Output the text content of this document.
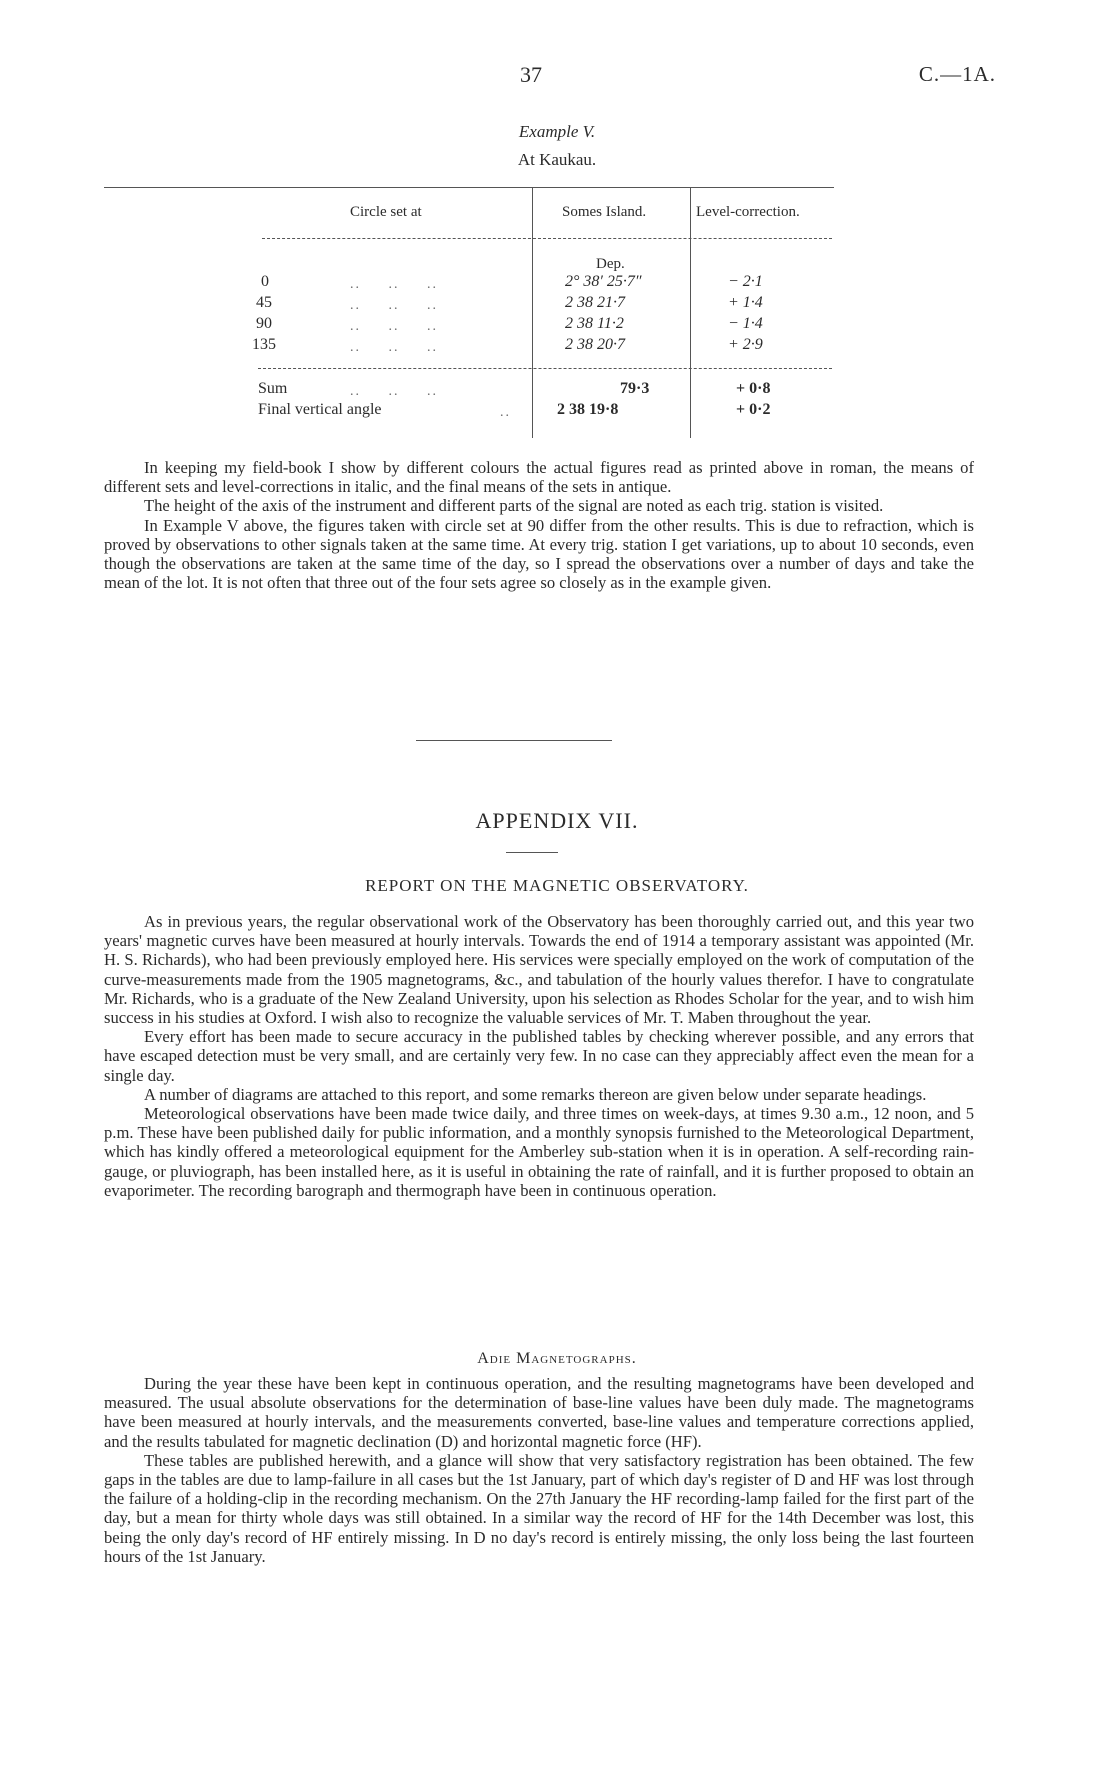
37	C.—1A.
Example V.
At Kaukau.
Circle set at	Somes Island.	Level-correction.
Dep.
0	..     ..     ..	2° 38′ 25·7″	− 2·1
45	..     ..     ..	2 38 21·7	+ 1·4
90	..     ..     ..	2 38 11·2	− 1·4
135	..     ..     ..	2 38 20·7	+ 2·9
Sum	..     ..     ..	79·3	+ 0·8
Final vertical angle	..	2 38 19·8	+ 0·2

In keeping my field-book I show by different colours the actual figures read as printed above in roman, the means of different sets and level-corrections in italic, and the final means of the sets in antique.

The height of the axis of the instrument and different parts of the signal are noted as each trig. station is visited.

In Example V above, the figures taken with circle set at 90 differ from the other results. This is due to refraction, which is proved by observations to other signals taken at the same time. At every trig. station I get variations, up to about 10 seconds, even though the observations are taken at the same time of the day, so I spread the observations over a number of days and take the mean of the lot. It is not often that three out of the four sets agree so closely as in the example given.

APPENDIX VII.
REPORT ON THE MAGNETIC OBSERVATORY.

As in previous years, the regular observational work of the Observatory has been thoroughly carried out, and this year two years' magnetic curves have been measured at hourly intervals. Towards the end of 1914 a temporary assistant was appointed (Mr. H. S. Richards), who had been previously employed here. His services were specially employed on the work of computation of the curve-measurements made from the 1905 magnetograms, &c., and tabulation of the hourly values therefor. I have to congratulate Mr. Richards, who is a graduate of the New Zealand University, upon his selection as Rhodes Scholar for the year, and to wish him success in his studies at Oxford. I wish also to recognize the valuable services of Mr. T. Maben throughout the year.

Every effort has been made to secure accuracy in the published tables by checking wherever possible, and any errors that have escaped detection must be very small, and are certainly very few. In no case can they appreciably affect even the mean for a single day.

A number of diagrams are attached to this report, and some remarks thereon are given below under separate headings.

Meteorological observations have been made twice daily, and three times on week-days, at times 9.30 a.m., 12 noon, and 5 p.m. These have been published daily for public information, and a monthly synopsis furnished to the Meteorological Department, which has kindly offered a meteorological equipment for the Amberley sub-station when it is in operation. A self-recording rain-gauge, or pluviograph, has been installed here, as it is useful in obtaining the rate of rainfall, and it is further proposed to obtain an evaporimeter. The recording barograph and thermograph have been in continuous operation.

Adie Magnetographs.

During the year these have been kept in continuous operation, and the resulting magnetograms have been developed and measured. The usual absolute observations for the determination of base-line values have been duly made. The magnetograms have been measured at hourly intervals, and the measurements converted, base-line values and temperature corrections applied, and the results tabulated for magnetic declination (D) and horizontal magnetic force (HF).

These tables are published herewith, and a glance will show that very satisfactory registration has been obtained. The few gaps in the tables are due to lamp-failure in all cases but the 1st January, part of which day's register of D and HF was lost through the failure of a holding-clip in the recording mechanism. On the 27th January the HF recording-lamp failed for the first part of the day, but a mean for thirty whole days was still obtained. In a similar way the record of HF for the 14th December was lost, this being the only day's record of HF entirely missing. In D no day's record is entirely missing, the only loss being the last fourteen hours of the 1st January.
